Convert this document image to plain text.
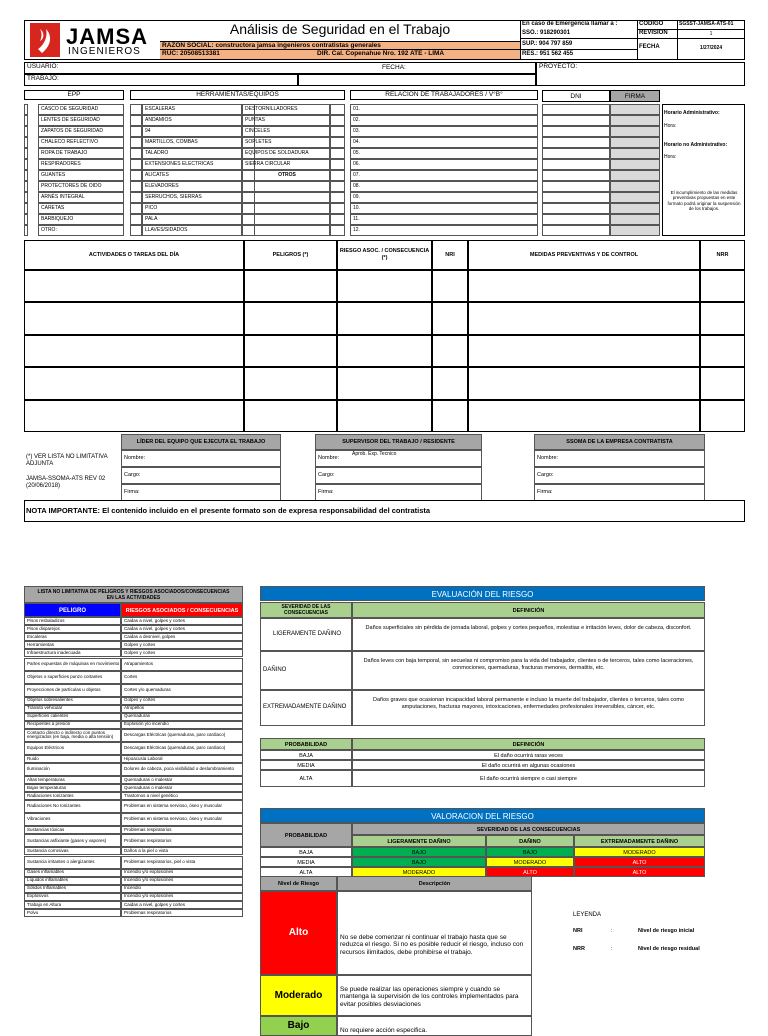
JAMSA
INGENIEROS
Análisis de Seguridad en el Trabajo
RAZON SOCIAL: constructora jamsa ingenieros contratistas generales
RUC: 20508513381	DIR. Cal. Copenahue Nro. 192 ATE - LIMA
En caso de Emergencia llamar a :
SSO.: 918290301
SUP.: 904 797 859
RES.: 951 562 455
CODIGO	SGSST-JAMSA-ATS-01
REVISION	1
FECHA	1/27/2024
USUARIO:	FECHA:
TRABAJO:
PROYECTO:
EPP	HERRAMIENTAS/EQUIPOS	RELACIÓN DE TRABAJADORES / V°B°	DNI	FIRMA
CASCO DE SEGURIDAD	ESCALERAS	DESTORNILLADORES	01.
LENTES DE SEGURIDAD	ANDAMIOS	PUNTAS	02.
ZAPATOS DE SEGURIDAD	94	CINCELES	03.
CHALECO REFLECTIVO	MARTILLOS, COMBAS	SOPLETES	04.
ROPA DE TRABAJO	TALADRO	EQUIPOS DE SOLDADURA	05.
RESPIRADORES	EXTENSIONES ELECTRICAS	SIERRA CIRCULAR	06.
GUANTES	ALICATES	OTROS	07.
PROTECTORES DE OIDO	ELEVADORES	08.
ARNÉS INTEGRAL	SERRUCHOS, SIERRAS	09.
CARETAS	PICO	10.
BARBIQUEJO	PALA	11.
OTRO:	LLAVES/SIDADOS	12.
Horario Administrativo:
Hora:
Horario no Administrativo:
Hora:
El incumplimiento de las medidas preventivas propuestas en este formato podrá originar la suspensión de los trabajos.
ACTIVIDADES O TAREAS DEL DÍA	PELIGROS (*)
RIESGO ASOC. / CONSECUENCIA (*)
NRI	MEDIDAS PREVENTIVAS Y DE CONTROL	NRR
(*) VER LISTA NO LIMITATIVA ADJUNTA
JAMSA-SSOMA-ATS REV 02 (20/06/2018)
LÍDER DEL EQUIPO QUE EJECUTA EL TRABAJO
Nombre:
Cargo:
Firma:
SUPERVISOR DEL TRABAJO / RESIDENTE
Nombre:
Cargo:
Firma:
SSOMA DE LA EMPRESA CONTRATISTA
Nombre:
Cargo:
Firma:
Aprob. Exp. Tecnico
NOTA IMPORTANTE: El contenido incluido en el presente formato son de expresa responsabilidad del contratista
LISTA NO LIMITATIVA DE PELIGROS Y RIESGOS ASOCIADOS/CONSECUENCIAS EN LAS ACTIVIDADES
PELIGRO	RIESGOS ASOCIADOS / CONSECUENCIAS
Pisos resbaladizos	Caidas a nivel, golpes y cortes
Pisos disparejos	Caidas a nivel, golpes y cortes
Escaleras	Caidas a desnivel, golpes
Herramientas	Golpes y cortes
Infraestructura inadecuada	Golpes y cortes
Partes expuestas de máquinas en movimiento	Atrapamientos
Objetos o superficies punzo cortantes	Cortes
Proyecciones de partículas u objetos	Cortes y/o quemaduras
Objetos sobresalientes	Golpes y cortes
Tránsito vehicular	Atropellos
Superficies calientes	Quemaduras
Recipientes a presión	Explosión y/o incendio
Contacto directo o indirecto con puntos energizados (en baja, media o alta tensión)	Descargas Eléctricas (quemaduras, paro cardiaco)
Equipos Eléctricos	Descargas Eléctricas (quemaduras, paro cardiaco)
Ruido	Hipoacusia Laboral
Iluminación	Dolores de cabeza, poca visibilidad o deslumbramiento
Altas temperaturas	Quemaduras o malestar
Bajas temperaturas	Quemaduras o malestar
Radiaciones Ionizantes	Trastornos a nivel genético
Radiaciones No Ionizantes	Problemas en sistema nervioso, óseo y muscular
Vibraciones	Problemas en sistema nervioso, óseo y muscular
Sustancias tóxicas	Problemas respiratorios
Sustancias asfixiante (gases y vapores)	Problemas respiratorios
Sustancia corrosivas	Daños a la piel o vista
Sustancia irritantes o alergizantes	Problemas respiratorios, piel o vista
Gases inflamables	Incendio y/o explosiones
Líquidos inflamables	Incendio y/o explosiones
Sólidos Inflamables	Incendio
Explosivos	Incendio y/o explosiones
Trabajo en Altura	Caidas a nivel, golpes y cortes
Polvo	Problemas respiratorios
EVALUACIÓN DEL RIESGO
SEVERIDAD DE LAS CONSECUENCIAS	DEFINICIÓN
LIGERAMENTE DAÑINO
Daños superficiales sin pérdida de jornada laboral, golpes y cortes pequeños, molestias e irritación leves, dolor de cabeza, disconfort.
DAÑINO
Daños leves con baja temporal, sin secuelas ni compromiso para la vida del trabajador, clientes o de terceros, tales como laceraciones, conmociones, quemaduras, fracturas menores, dermatitis, etc.
EXTREMADAMENTE DAÑINO
Daños graves que ocasionan incapacidad laboral permanente e incluso la muerte del trabajador, clientes o terceros, tales como amputaciones, fracturas mayores, intoxicaciones, enfermedades profesionales irreversibles, cáncer, etc.
PROBABILIDAD	DEFINICIÓN
BAJA	El daño ocurrirá raras veces
MEDIA	El daño ocurrirá en algunas ocasiones
ALTA	El daño ocurrirá siempre o casi siempre
VALORACION DEL RIESGO
PROBABILIDAD
SEVERIDAD DE LAS CONSECUENCIAS
LIGERAMENTE DAÑINO	DAÑINO	EXTREMADAMENTE DAÑINO
BAJA	BAJO	BAJO	MODERADO
MEDIA	BAJO	MODERADO	ALTO
ALTA	MODERADO	ALTO	ALTO
Nivel de Riesgo	Descripción
Alto	No se debe comenzar ni continuar el trabajo hasta que se reduzca el riesgo. Si no es posible reducir el riesgo, incluso con recursos ilimitados, debe prohibirse el trabajo.
Moderado	Se puede realizar las operaciones siempre y cuando se mantenga la supervisión de los controles implementados para evitar posibles desviaciones
Bajo	No requiere acción especifica.
LEYENDA
NRI	:	Nivel de riesgo inicial
NRR	:	Nivel de riesgo residual
